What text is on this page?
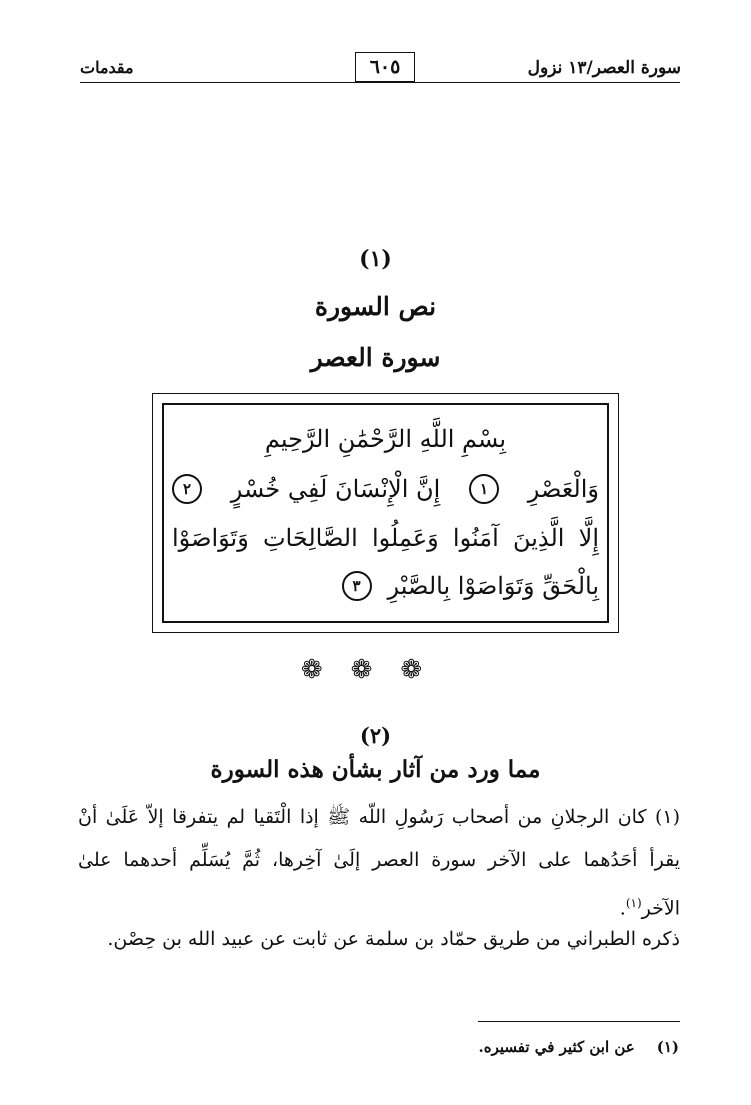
سورة العصر/١٣ نزول
٦٠٥
مقدمات
(١)
نص السورة
سورة العصر
بِسْمِ اللَّهِ الرَّحْمَٰنِ الرَّحِيمِ
وَالْعَصْرِ
١
إِنَّ الْإِنْسَانَ لَفِي خُسْرٍ
٢
إِلَّا
الَّذِينَ
آمَنُوا
وَعَمِلُوا
الصَّالِحَاتِ
وَتَوَاصَوْا
بِالْحَقِّ وَتَوَاصَوْا بِالصَّبْرِ
٣
❁❁❁
(٢)
مما ورد من آثار بشأن هذه السورة
(١) كان الرجلانِ من أصحاب رَسُولِ اللّه ﷺ إذا الْتَقيا لم يتفرقا إلاّ عَلَىٰ أنْ يقرأ أحَدُهما على الآخر سورة العصر إلَىٰ آخِرها، ثُمَّ يُسَلِّم أحدهما علىٰ الآخر$^{(١)}$.
ذكره الطبراني من طريق حمّاد بن سلمة عن ثابت عن عبيد الله بن حِصْن.
(١)عن ابن كثير في تفسيره.
